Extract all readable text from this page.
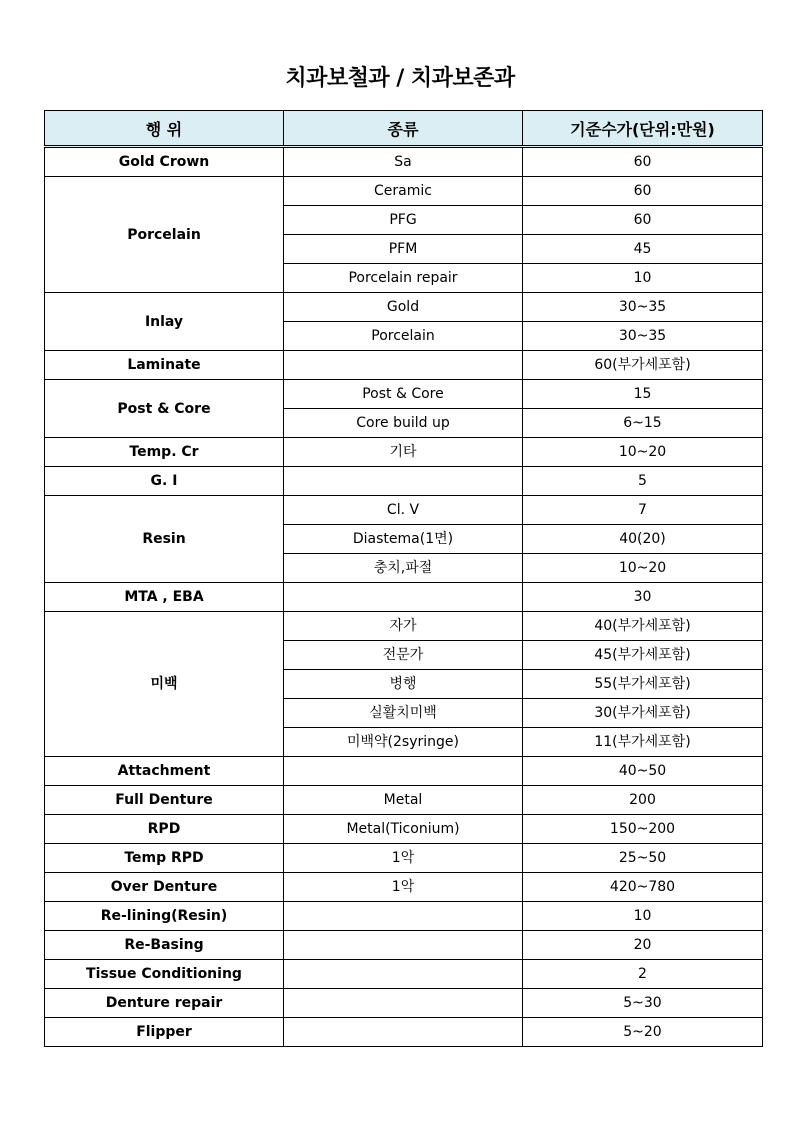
치과보철과 / 치과보존과
행 위	종류	기준수가(단위:만원)
Gold Crown	Sa	60
Porcelain	Ceramic	60
	PFG	60
	PFM	45
	Porcelain repair	10
Inlay	Gold	30~35
	Porcelain	30~35
Laminate		60(부가세포함)
Post & Core	Post & Core	15
	Core build up	6~15
Temp. Cr	기타	10~20
G. I		5
Resin	Cl. V	7
	Diastema(1면)	40(20)
	충치,파절	10~20
MTA , EBA		30
미백	자가	40(부가세포함)
	전문가	45(부가세포함)
	병행	55(부가세포함)
	실활치미백	30(부가세포함)
	미백약(2syringe)	11(부가세포함)
Attachment		40~50
Full Denture	Metal	200
RPD	Metal(Ticonium)	150~200
Temp RPD	1악	25~50
Over Denture	1악	420~780
Re-lining(Resin)		10
Re-Basing		20
Tissue Conditioning		2
Denture repair		5~30
Flipper		5~20
